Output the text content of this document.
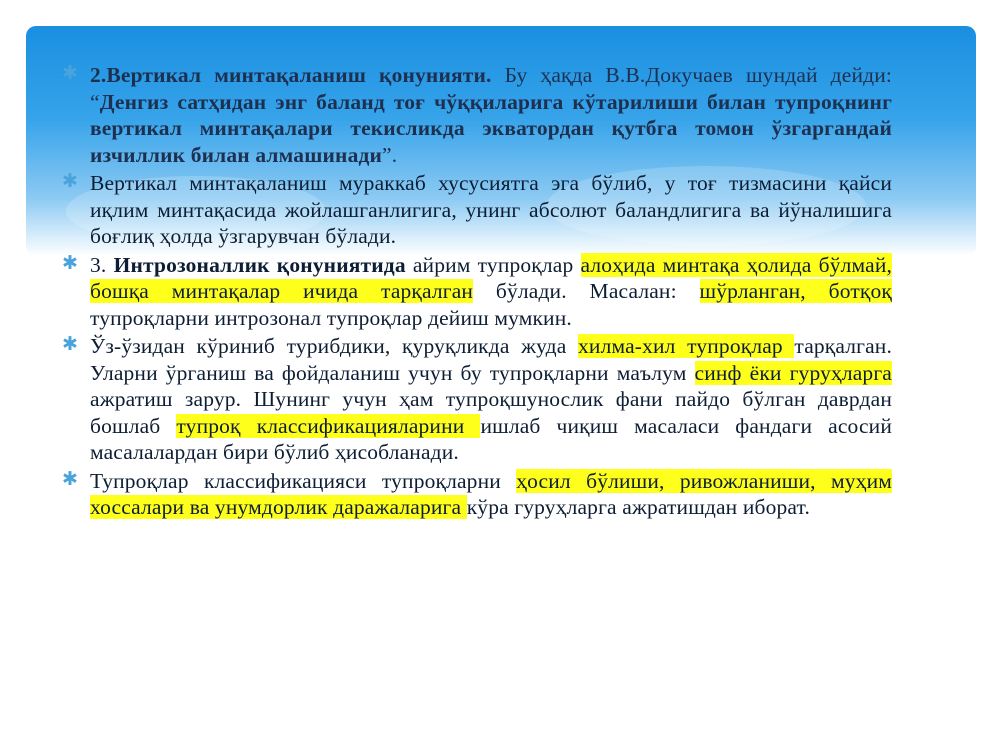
✱ 2.Вертикал минтақаланиш қонунияти. Бу ҳақда В.В.Докучаев шундай дейди: “Денгиз сатҳидан энг баланд тоғ чўққиларига кўтарилиши билан тупроқнинг вертикал минтақалари текисликда экватордан қутбга томон ўзгаргандай изчиллик билан алмашинади”.
✱ Вертикал минтақаланиш мураккаб хусусиятга эга бўлиб, у тоғ тизмасини қайси иқлим минтақасида жойлашганлигига, унинг абсолют баландлигига ва йўналишига боғлиқ ҳолда ўзгарувчан бўлади.
✱ 3. Интрозоналлик қонуниятида айрим тупроқлар алоҳида минтақа ҳолида бўлмай, бошқа минтақалар ичида тарқалган бўлади. Масалан: шўрланган, ботқоқ тупроқларни интрозонал тупроқлар дейиш мумкин.
✱ Ўз-ўзидан кўриниб турибдики, қуруқликда жуда хилма-хил тупроқлар тарқалган. Уларни ўрганиш ва фойдаланиш учун бу тупроқларни маълум синф ёки гуруҳларга ажратиш зарур. Шунинг учун ҳам тупроқшунослик фани пайдо бўлган даврдан бошлаб тупроқ классификацияларини ишлаб чиқиш масаласи фандаги асосий масалалардан бири бўлиб ҳисобланади.
✱ Тупроқлар классификацияси тупроқларни ҳосил бўлиши, ривожланиши, муҳим хоссалари ва унумдорлик даражаларига кўра гуруҳларга ажратишдан иборат.
